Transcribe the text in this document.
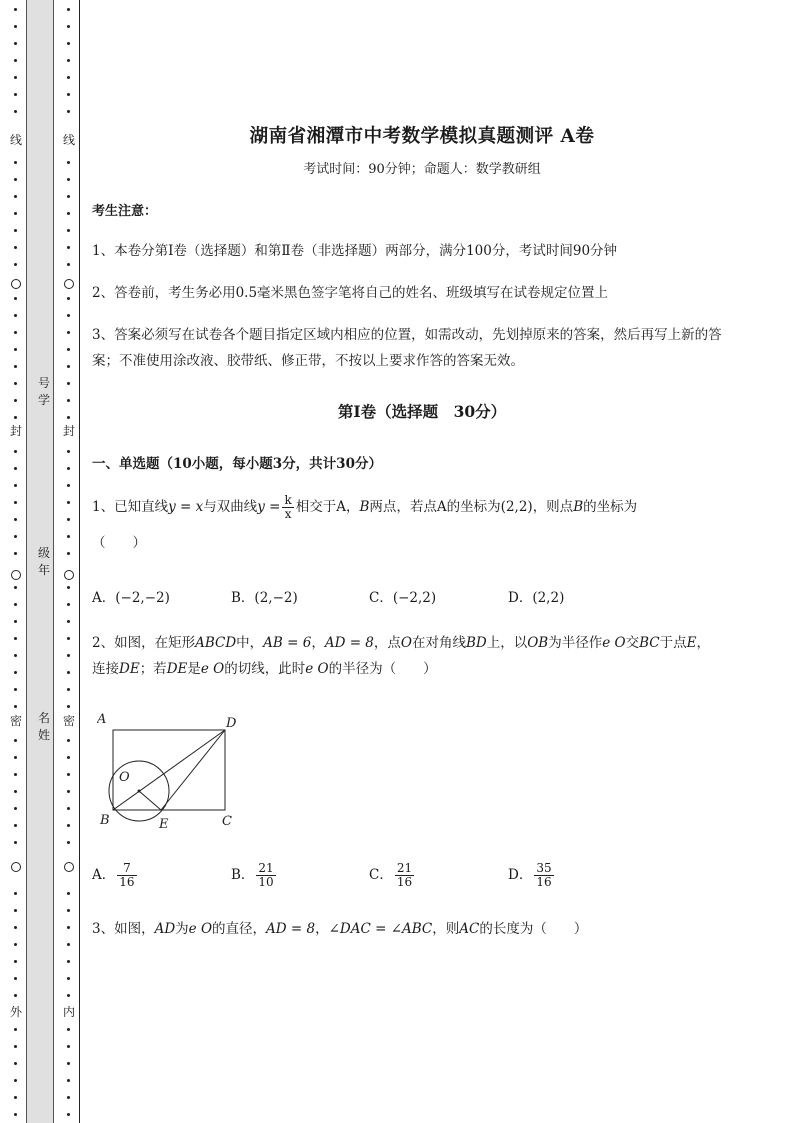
线
封
密
外
号
学
级
年
名
姓
线
封
密
内
湖南省湘潭市中考数学模拟真题测评 A卷
考试时间：90分钟；命题人：数学教研组
考生注意：
1、本卷分第I卷（选择题）和第Ⅱ卷（非选择题）两部分，满分100分，考试时间90分钟
2、答卷前，考生务必用0.5毫米黑色签字笔将自己的姓名、班级填写在试卷规定位置上
3、答案必须写在试卷各个题目指定区域内相应的位置，如需改动，先划掉原来的答案，然后再写上新的答案；不准使用涂改液、胶带纸、修正带，不按以上要求作答的答案无效。
第I卷（选择题　30分）
一、单选题（10小题，每小题3分，共计30分）
1、已知直线y = x与双曲线$y = \frac{k}{x}$ 相交于A，B两点，若点A的坐标为(2,2)，则点B的坐标为
（　　）
A．(−2,−2)	B．(2,−2)	C．(−2,2)	D．(2,2)
2、如图，在矩形ABCD中，AB = 6，AD = 8，点O在对角线BD上，以OB为半径作e O交BC于点E，
连接DE；若DE是e O的切线，此时e O的半径为（　　）
A	D
O
B	E	C
A． $\frac{7}{16}$	B． $\frac{21}{10}$	C． $\frac{21}{16}$	D． $\frac{35}{16}$
3、如图，AD为e O的直径，AD = 8，∠DAC = ∠ABC，则AC的长度为（　　）
